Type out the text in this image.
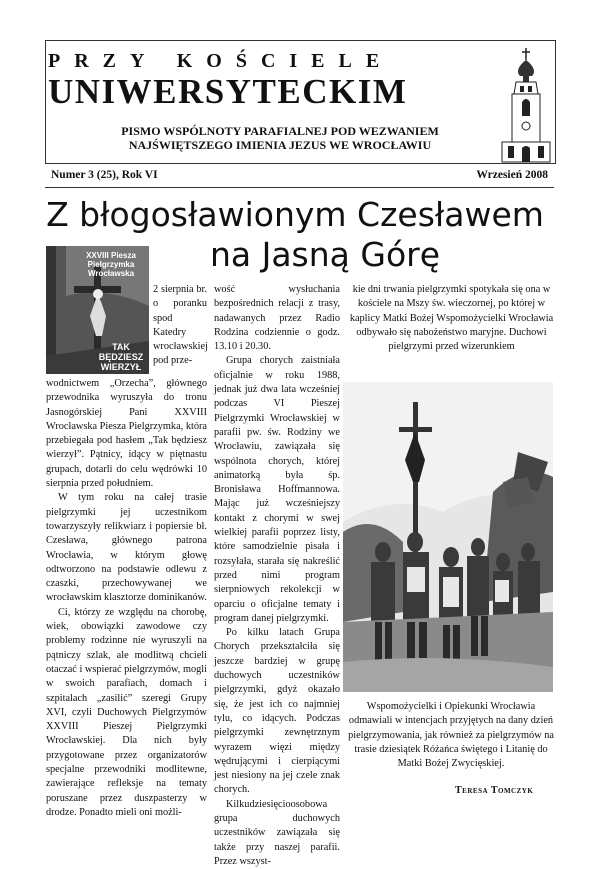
PRZY KOŚCIELE
UNIWERSYTECKIM
PISMO WSPÓLNOTY PARAFIALNEJ POD WEZWANIEM
NAJŚWIĘTSZEGO IMIENIA JEZUS WE WROCŁAWIU
Numer 3 (25), Rok VI	Wrzesień 2008
Z błogosławionym Czesławem
na Jasną Górę
XXVIII Piesza Pielgrzymka Wrocławska
TAK BĘDZIESZ WIERZYŁ

2 sierpnia br. o poranku spod Katedry wrocławskiej pod prze-

wodnictwem „Orzecha”, głównego przewodnika wyruszyła do tronu Jasnogórskiej Pani XXVIII Wrocławska Piesza Pielgrzymka, która przebiegała pod hasłem „Tak będziesz wierzył”. Pątnicy, idący w piętnastu grupach, dotarli do celu wędrówki 10 sierpnia przed południem.

W tym roku na całej trasie pielgrzymki jej uczestnikom towarzyszyły relikwiarz i popiersie bł. Czesława, głównego patrona Wrocławia, w którym głowę odtworzono na podstawie odlewu z czaszki, przechowywanej we wrocławskim klasztorze dominikanów.

Ci, którzy ze względu na chorobę, wiek, obowiązki zawodowe czy problemy rodzinne nie wyruszyli na pątniczy szlak, ale modlitwą chcieli otaczać i wspierać pielgrzymów, mogli w swoich parafiach, domach i szpitalach „zasilić” szeregi Grupy XVI, czyli Duchowych Pielgrzymów XXVIII Pieszej Pielgrzymki Wrocławskiej. Dla nich były przygotowane przez organizatorów specjalne przewodniki modlitewne, zawierające refleksje na tematy poruszane przez duszpasterzy w drodze. Ponadto mieli oni możli-

wość wysłuchania bezpośrednich relacji z trasy, nadawanych przez Radio Rodzina codziennie o godz. 13.10 i 20.30.

Grupa chorych zaistniała oficjalnie w roku 1988, jednak już dwa lata wcześniej podczas VI Pieszej Pielgrzymki Wrocławskiej w parafii pw. św. Rodziny we Wrocławiu, zawiązała się wspólnota chorych, której animatorką była śp. Bronisława Hoffmannowa. Mając już wcześniejszy kontakt z chorymi w swej wielkiej parafii poprzez listy, które samodzielnie pisała i rozsyłała, starała się nakreślić przed nimi program sierpniowych rekolekcji w oparciu o oficjalne tematy i program danej pielgrzymki.

Po kilku latach Grupa Chorych przekształciła się jeszcze bardziej w grupę duchowych uczestników pielgrzymki, gdyż okazało się, że jest ich co najmniej tylu, co idących. Podczas pielgrzymki zewnętrznym wyrazem więzi między wędrującymi i cierpiącymi jest niesiony na jej czele znak chorych.

Kilkudziesięcioosobowa grupa duchowych uczestników zawiązała się także przy naszej parafii. Przez wszyst-

kie dni trwania pielgrzymki spotykała się ona w kościele na Mszy św. wieczornej, po której w kaplicy Matki Bożej Wspomożycielki Wrocławia odbywało się nabożeństwo maryjne. Duchowi pielgrzymi przed wizerunkiem

Wspomożycielki i Opiekunki Wrocławia odmawiali w intencjach przyjętych na dany dzień pielgrzymowania, jak również za pielgrzymów na trasie dziesiątek Różańca świętego i Litanię do Matki Bożej Zwycięskiej.

Teresa Tomczyk
